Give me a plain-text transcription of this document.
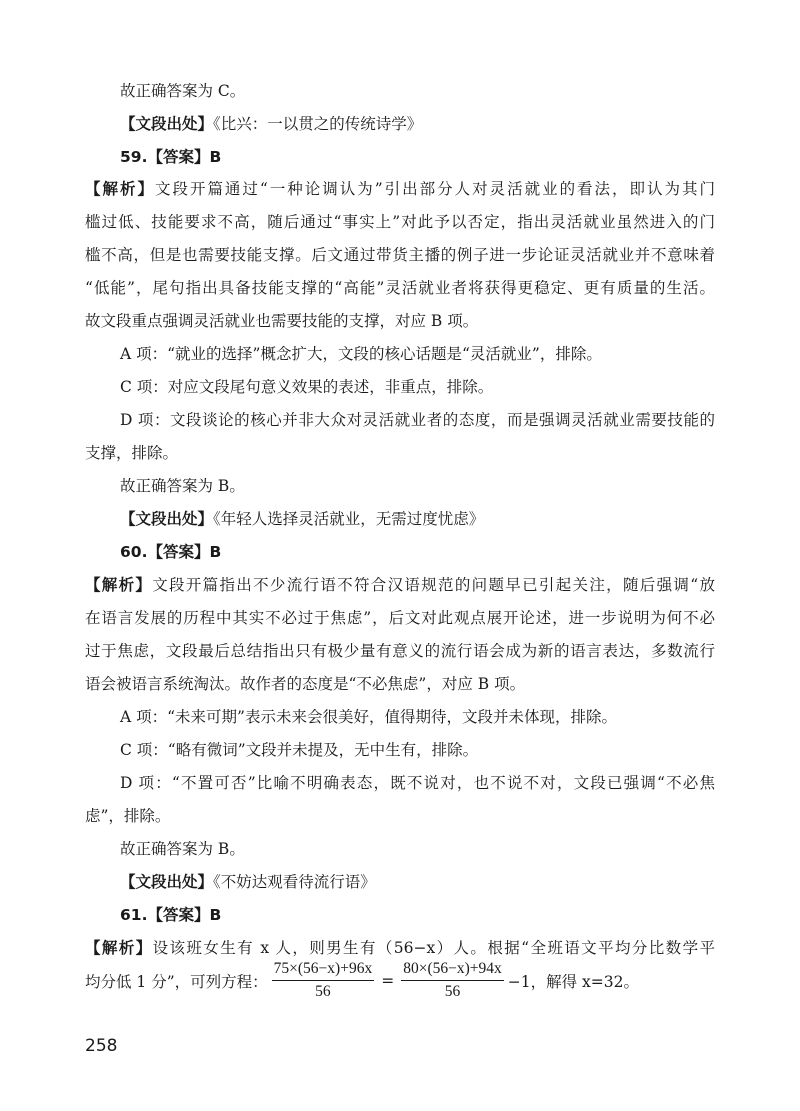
故正确答案为 C。
【文段出处】《比兴：一以贯之的传统诗学》
59.【答案】B
【解析】文段开篇通过“一种论调认为”引出部分人对灵活就业的看法，即认为其门
槛过低、技能要求不高，随后通过“事实上”对此予以否定，指出灵活就业虽然进入的门
槛不高，但是也需要技能支撑。后文通过带货主播的例子进一步论证灵活就业并不意味着
“低能”，尾句指出具备技能支撑的“高能”灵活就业者将获得更稳定、更有质量的生活。
故文段重点强调灵活就业也需要技能的支撑，对应 B 项。
A 项：“就业的选择”概念扩大，文段的核心话题是“灵活就业”，排除。
C 项：对应文段尾句意义效果的表述，非重点，排除。
D 项：文段谈论的核心并非大众对灵活就业者的态度，而是强调灵活就业需要技能的
支撑，排除。
故正确答案为 B。
【文段出处】《年轻人选择灵活就业，无需过度忧虑》
60.【答案】B
【解析】文段开篇指出不少流行语不符合汉语规范的问题早已引起关注，随后强调“放
在语言发展的历程中其实不必过于焦虑”，后文对此观点展开论述，进一步说明为何不必
过于焦虑，文段最后总结指出只有极少量有意义的流行语会成为新的语言表达，多数流行
语会被语言系统淘汰。故作者的态度是“不必焦虑”，对应 B 项。
A 项：“未来可期”表示未来会很美好，值得期待，文段并未体现，排除。
C 项：“略有微词”文段并未提及，无中生有，排除。
D 项：“不置可否”比喻不明确表态，既不说对，也不说不对，文段已强调“不必焦
虑”，排除。
故正确答案为 B。
【文段出处】《不妨达观看待流行语》
61.【答案】B
【解析】设该班女生有 x 人，则男生有（56−x）人。根据“全班语文平均分比数学平
均分低 1 分”，可列方程： $\frac{75\times(56-x)+96x}{56} = \frac{80\times(56-x)+94x}{56} -1$，解得 x=32。
258
